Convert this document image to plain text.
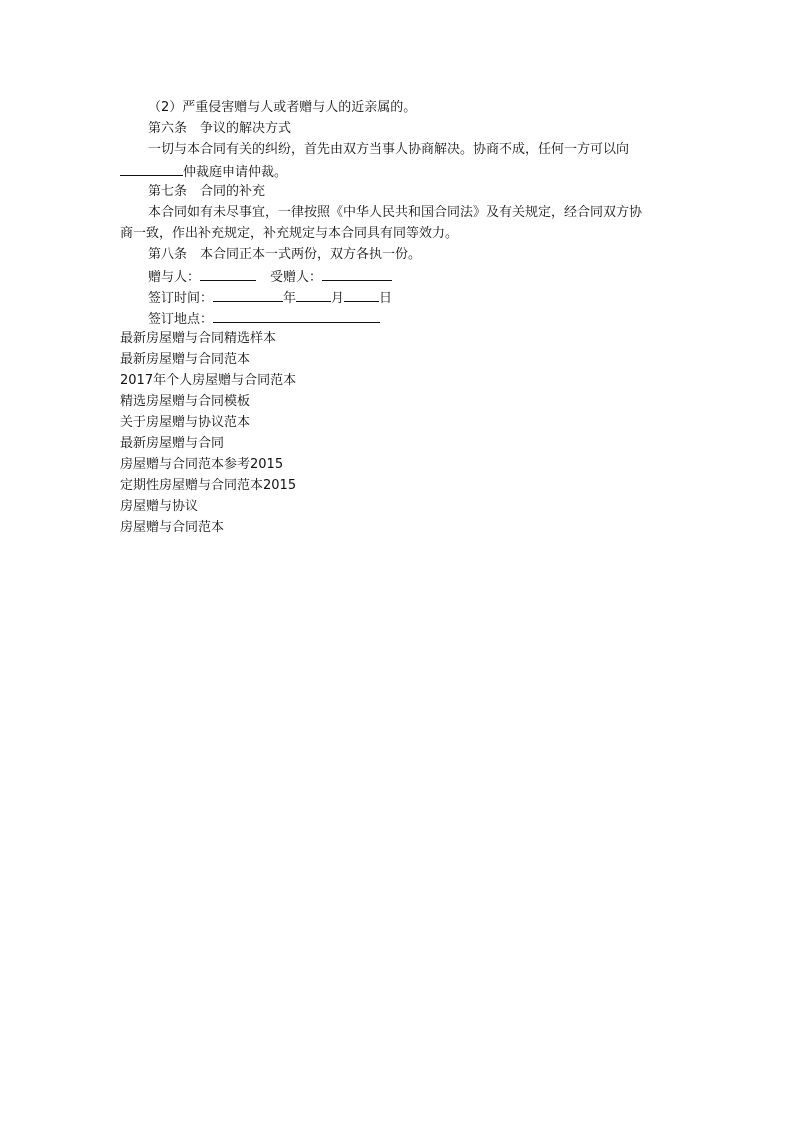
（2）严重侵害赠与人或者赠与人的近亲属的。
第六条　争议的解决方式
一切与本合同有关的纠纷，首先由双方当事人协商解决。协商不成，任何一方可以向
仲裁庭申请仲裁。
第七条　合同的补充
本合同如有未尽事宜，一律按照《中华人民共和国合同法》及有关规定，经合同双方协
商一致，作出补充规定，补充规定与本合同具有同等效力。
第八条　本合同正本一式两份，双方各执一份。
赠与人：	受赠人：
签订时间：	年	月	日
签订地点：
最新房屋赠与合同精选样本
最新房屋赠与合同范本
2017年个人房屋赠与合同范本
精选房屋赠与合同模板
关于房屋赠与协议范本
最新房屋赠与合同
房屋赠与合同范本参考2015
定期性房屋赠与合同范本2015
房屋赠与协议
房屋赠与合同范本
